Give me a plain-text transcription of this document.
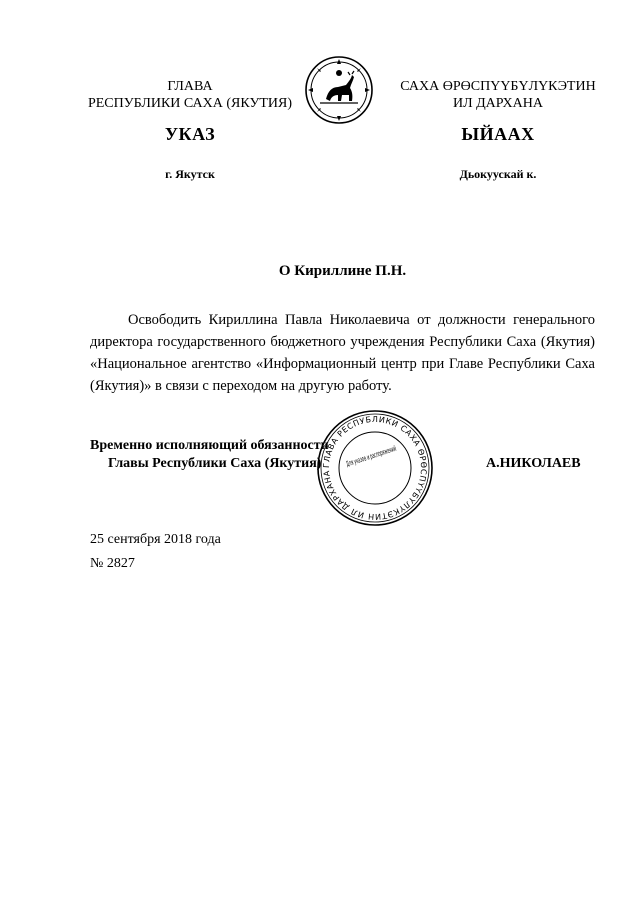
ГЛАВА
РЕСПУБЛИКИ САХА (ЯКУТИЯ)
САХА ӨРӨСПҮҮБҮЛҮКЭТИН
ИЛ ДАРХАНА
УКАЗ	ЫЙААХ
г. Якутск	Дьокуускай к.
О Кириллине П.Н.
Освободить Кириллина Павла Николаевича от должности генерального директора государственного бюджетного учреждения Республики Саха (Якутия) «Национальное агентство «Информационный центр при Главе Республики Саха (Якутия)» в связи с переходом на другую работу.
Временно исполняющий обязанности
Главы Республики Саха (Якутия)	А.НИКОЛАЕВ
ГЛАВА РЕСПУБЛИКИ САХА ӨРӨСПҮҮБҮЛҮКЭТИН ИЛ ДАРХАНА
Для указов и распоряжений
25 сентября 2018 года
№ 2827
